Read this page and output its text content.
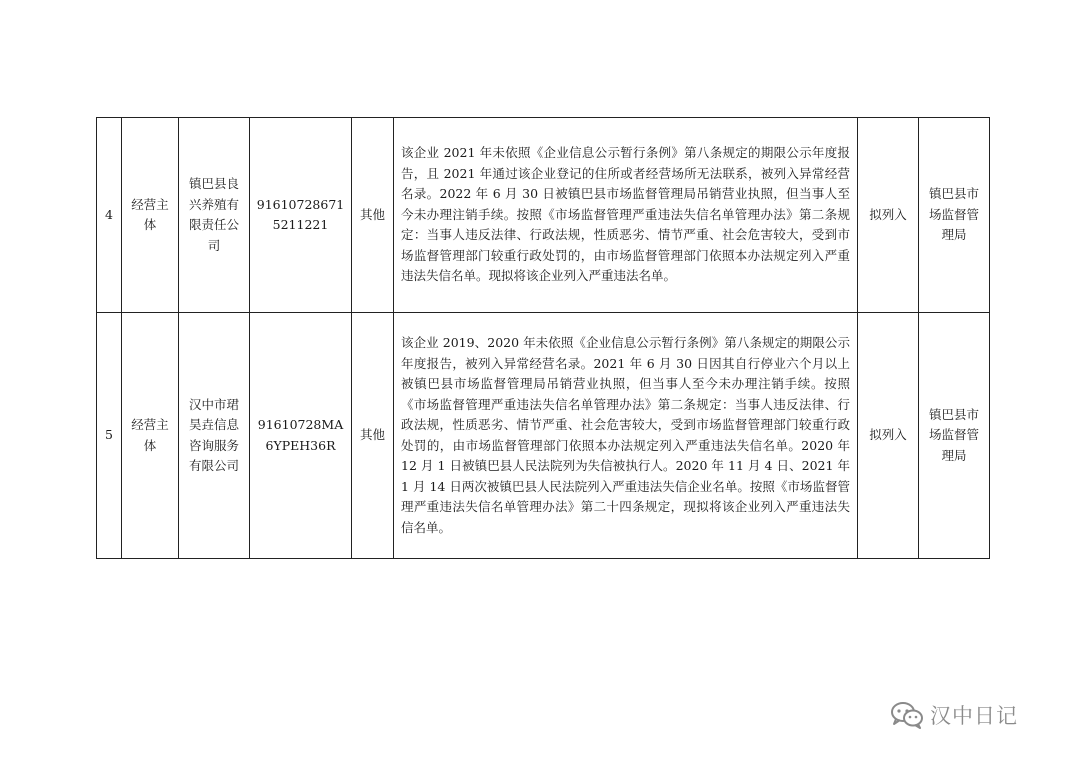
4	经营主体	镇巴县良兴养殖有限责任公司	916107286715211221	其他	该企业 2021 年未依照《企业信息公示暂行条例》第八条规定的期限公示年度报告，且 2021 年通过该企业登记的住所或者经营场所无法联系，被列入异常经营名录。2022 年 6 月 30 日被镇巴县市场监督管理局吊销营业执照，但当事人至今未办理注销手续。按照《市场监督管理严重违法失信名单管理办法》第二条规定：当事人违反法律、行政法规，性质恶劣、情节严重、社会危害较大，受到市场监督管理部门较重行政处罚的，由市场监督管理部门依照本办法规定列入严重违法失信名单。现拟将该企业列入严重违法名单。	拟列入	镇巴县市场监督管理局
5	经营主体	汉中市珺昊垚信息咨询服务有限公司	91610728MA6YPEH36R	其他	该企业 2019、2020 年未依照《企业信息公示暂行条例》第八条规定的期限公示年度报告，被列入异常经营名录。2021 年 6 月 30 日因其自行停业六个月以上被镇巴县市场监督管理局吊销营业执照，但当事人至今未办理注销手续。按照《市场监督管理严重违法失信名单管理办法》第二条规定：当事人违反法律、行政法规，性质恶劣、情节严重、社会危害较大，受到市场监督管理部门较重行政处罚的，由市场监督管理部门依照本办法规定列入严重违法失信名单。2020 年 12 月 1 日被镇巴县人民法院列为失信被执行人。2020 年 11 月 4 日、2021 年 1 月 14 日两次被镇巴县人民法院列入严重违法失信企业名单。按照《市场监督管理严重违法失信名单管理办法》第二十四条规定，现拟将该企业列入严重违法失信名单。	拟列入	镇巴县市场监督管理局
汉中日记
